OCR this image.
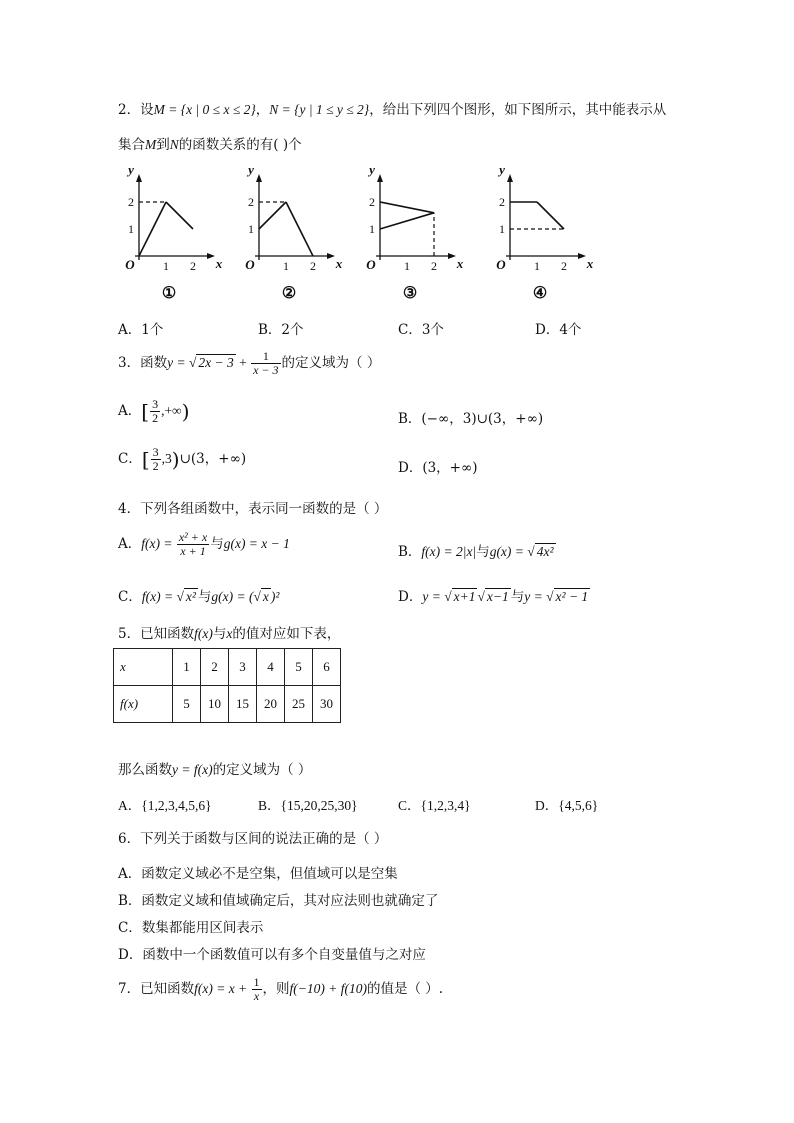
2．设M = {x | 0 ≤ x ≤ 2}，N = {y | 1 ≤ y ≤ 2}，给出下列四个图形，如下图所示，其中能表示从
集合M到N的函数关系的有( )个
y
x
O 1 2
1
2
①
y
x
O 1 2
1
2
②
y
x
O 1 2
1
2
③
y
x
O 1 2
1
2
④
A．1个	B．2个	C．3个	D．4个
3．函数y = √ $2x - 3 + \frac{1}{x - 3}$ 的定义域为（ ）
A．[ $\frac{3}{2}$ ,+∞)	B．(−∞，3)∪(3，+∞)
C．[ $\frac{3}{2}$ ,3)∪(3，+∞)
D．(3，+∞)
4．下列各组函数中，表示同一函数的是（ ）
A．$f(x) = \frac{\text{x² + x}}{x + 1}$ 与g(x) = x − 1
B．f(x) = 2|x|与g(x) = √ 4x²
C．f(x) = √ x² 与g(x) = (√ x )²	D．y = √ x+1 √ x−1 与y = √ x² − 1
5．已知函数f(x)与x的值对应如下表，
x	1	2	3	4	5	6
f(x)	5	10	15	20	25	30
那么函数y = f(x)的定义域为（ ）
A．{1,2,3,4,5,6}	B．{15,20,25,30}	C．{1,2,3,4}	D．{4,5,6}
6．下列关于函数与区间的说法正确的是（ ）
A．函数定义域必不是空集，但值域可以是空集
B．函数定义域和值域确定后，其对应法则也就确定了
C．数集都能用区间表示
D．函数中一个函数值可以有多个自变量值与之对应
7．已知函数$f(x) = x + \frac{1}{x}$ ，则f(−10) + f(10)的值是（ ）.
